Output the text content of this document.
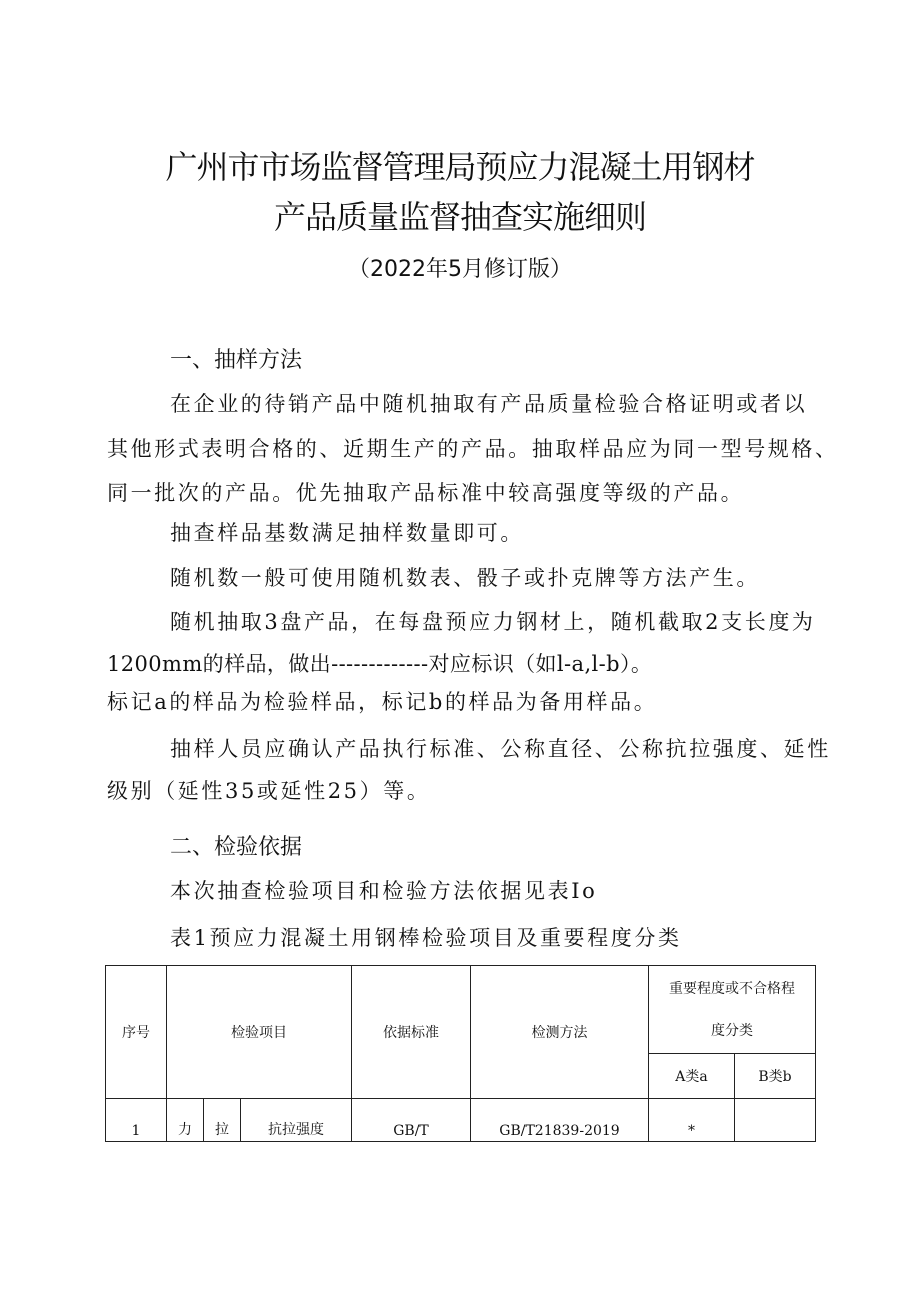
广州市市场监督管理局预应力混凝土用钢材
产品质量监督抽查实施细则
（2022年5月修订版）
一、抽样方法
在企业的待销产品中随机抽取有产品质量检验合格证明或者以
其他形式表明合格的、近期生产的产品。抽取样品应为同一型号规格、
同一批次的产品。优先抽取产品标准中较高强度等级的产品。
抽查样品基数满足抽样数量即可。
随机数一般可使用随机数表、骰子或扑克牌等方法产生。
随机抽取3盘产品，在每盘预应力钢材上，随机截取2支长度为
1200mm的样品，做出-------------对应标识（如l-a,l-b）。
标记a的样品为检验样品，标记b的样品为备用样品。
抽样人员应确认产品执行标准、公称直径、公称抗拉强度、延性
级别（延性35或延性25）等。
二、检验依据
本次抽查检验项目和检验方法依据见表Io
表1预应力混凝土用钢棒检验项目及重要程度分类
序号	检验项目			依据标准	检测方法	重要程度或不合格程
度分类	

						A类a	B类b
1	力	拉	抗拉强度	GB/T	GB/T21839-2019	*	
